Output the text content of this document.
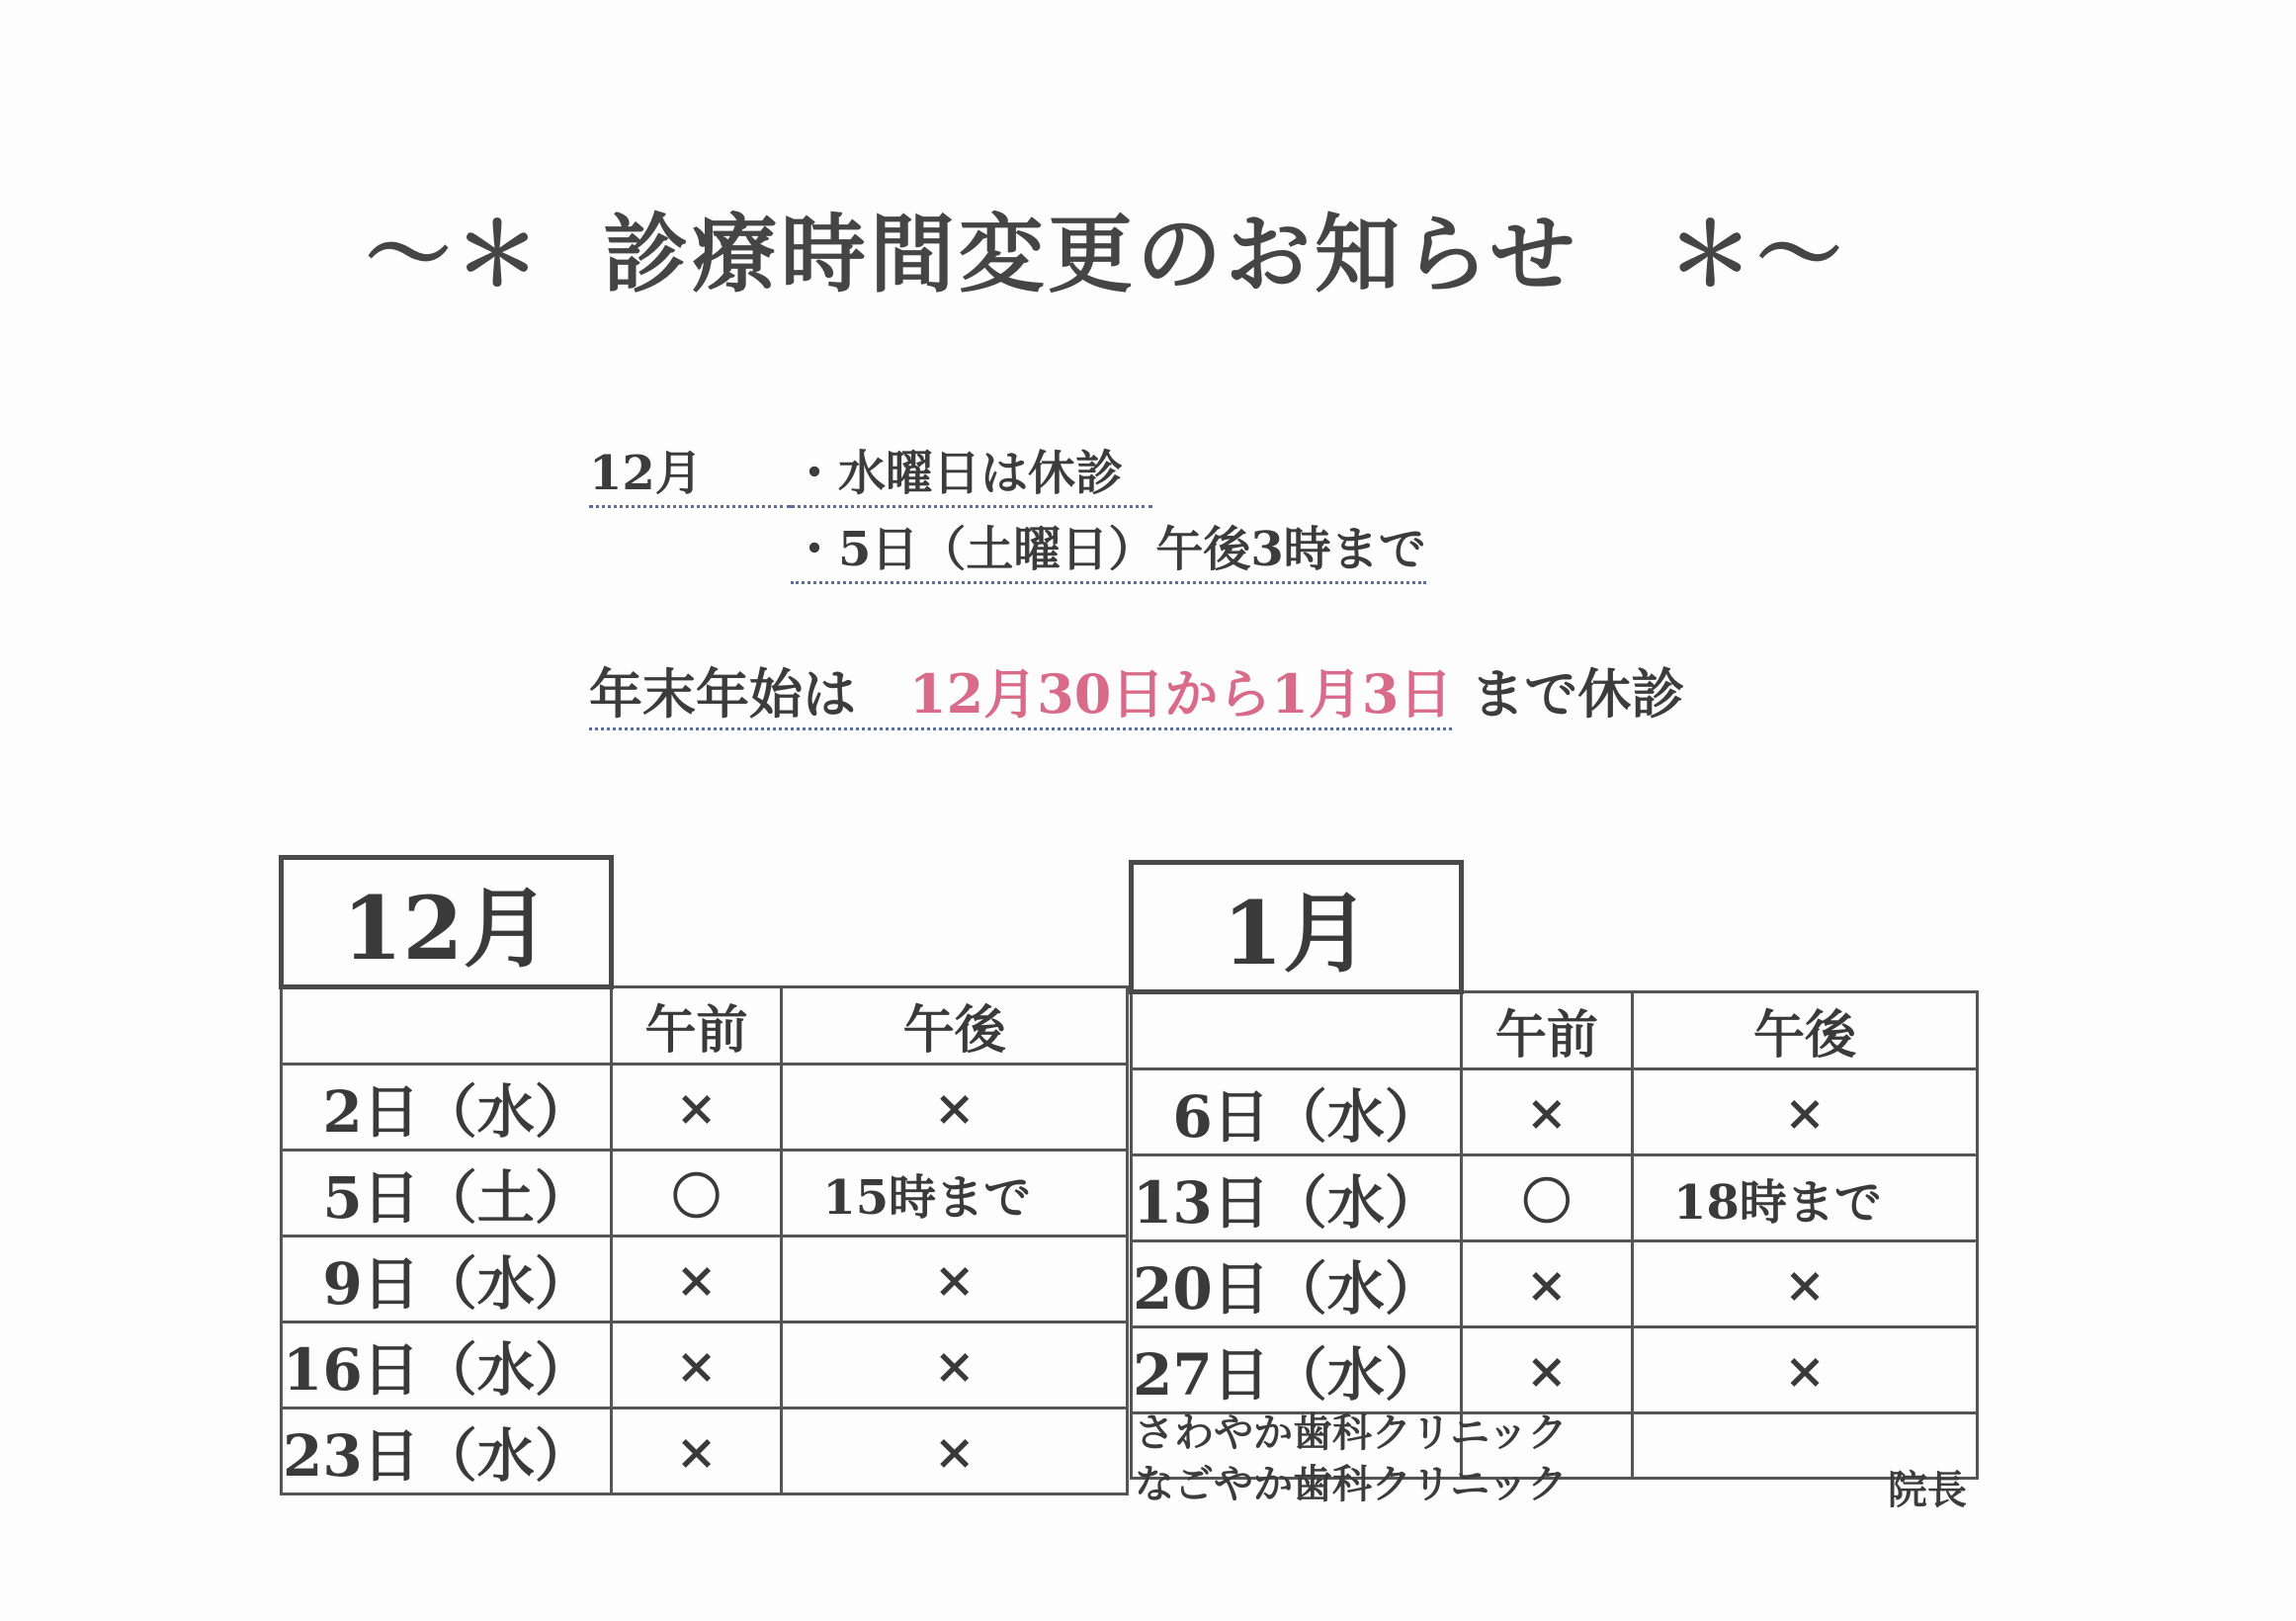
～＊ 診療時間変更のお知らせ ＊～
12月	・水曜日は休診
・5日（土曜日）午後3時まで
年末年始は　 12月30日から1月3日 まで休診
12月		
	午前	午後
2日（水）	×	×
5日（土）	〇	15時まで
9日（水）	×	×
16日（水）	×	×
23日（水）	×	×
1月		
	午前	午後
6日（水）	×	×
13日（水）	〇	18時まで
20日（水）	×	×
27日（水）	×	×

さわやか歯科クリニック
なごやか歯科クリニック	院長
